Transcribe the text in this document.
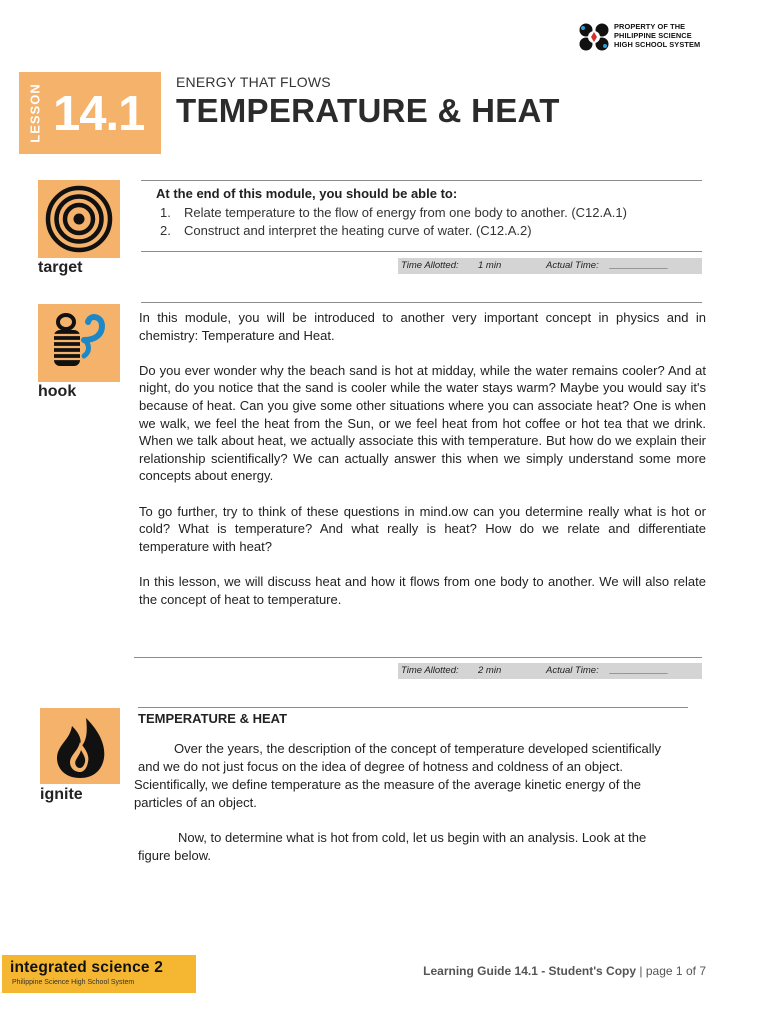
PROPERTY OF THE
PHILIPPINE SCIENCE
HIGH SCHOOL SYSTEM
LESSON 14.1
ENERGY THAT FLOWS
TEMPERATURE & HEAT
target
At the end of this module, you should be able to:
1. Relate temperature to the flow of energy from one body to another. (C12.A.1)
2. Construct and interpret the heating curve of water. (C12.A.2)
Time Allotted: 1 min	Actual Time: ___________
hook

In this module, you will be introduced to another very important concept in physics and in chemistry: Temperature and Heat.

Do you ever wonder why the beach sand is hot at midday, while the water remains cooler? And at night, do you notice that the sand is cooler while the water stays warm? Maybe you would say it's because of heat. Can you give some other situations where you can associate heat? One is when we walk, we feel the heat from the Sun, or we feel heat from hot coffee or hot tea that we drink. When we talk about heat, we actually associate this with temperature. But how do we explain their relationship scientifically? We can actually answer this when we simply understand some more concepts about energy.

To go further, try to think of these questions in mind.ow can you determine really what is hot or cold? What is temperature? And what really is heat? How do we relate and differentiate temperature with heat?

In this lesson, we will discuss heat and how it flows from one body to another. We will also relate the concept of heat to temperature.

Time Allotted: 2 min	Actual Time: ___________
ignite
TEMPERATURE & HEAT
Over the years, the description of the concept of temperature developed scientifically
and we do not just focus on the idea of degree of hotness and coldness of an object.
Scientifically, we define temperature as the measure of the average kinetic energy of the
particles of an object.
Now, to determine what is hot from cold, let us begin with an analysis. Look at the
figure below.
integrated science 2
Philippine Science High School System
Learning Guide 14.1 - Student's Copy | page 1 of 7
